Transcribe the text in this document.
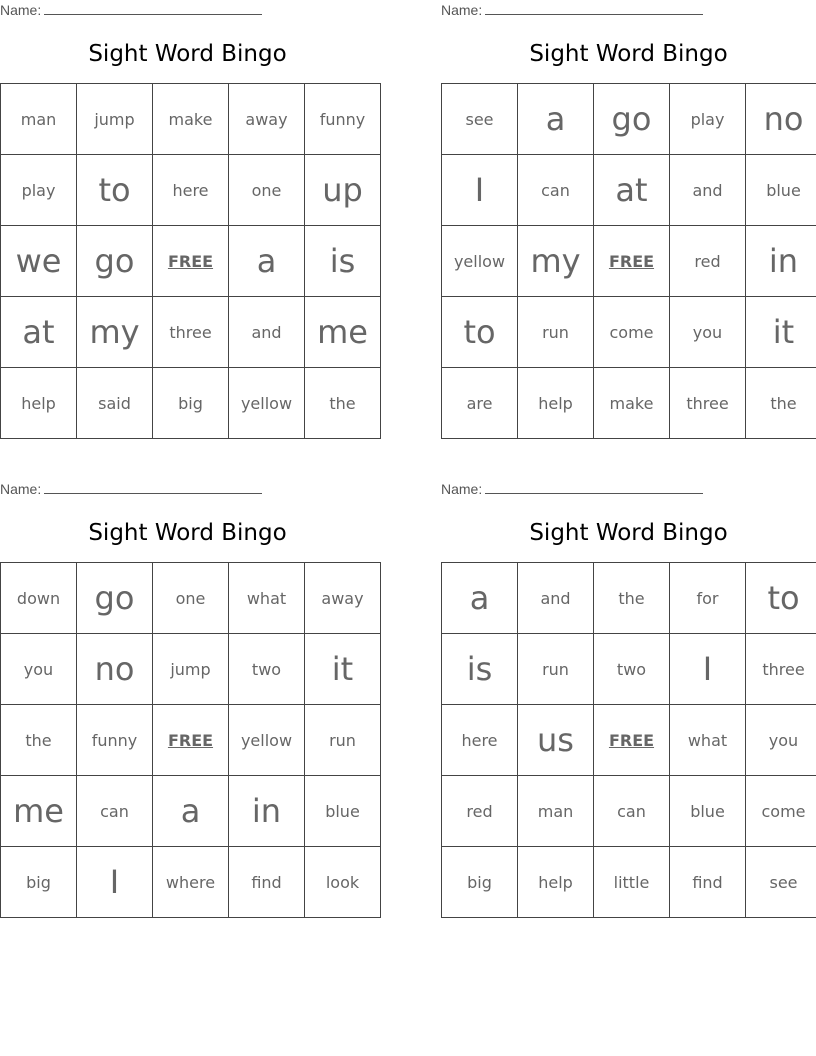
Name:
Sight Word Bingo
man	jump	make	away	funny
play	to	here	one	up
we	go	FREE	a	is
at	my	three	and	me
help	said	big	yellow	the
Name:
Sight Word Bingo
see	a	go	play	no
I	can	at	and	blue
yellow	my	FREE	red	in
to	run	come	you	it
are	help	make	three	the
Name:
Sight Word Bingo
down	go	one	what	away
you	no	jump	two	it
the	funny	FREE	yellow	run
me	can	a	in	blue
big	I	where	find	look
Name:
Sight Word Bingo
a	and	the	for	to
is	run	two	I	three
here	us	FREE	what	you
red	man	can	blue	come
big	help	little	find	see
